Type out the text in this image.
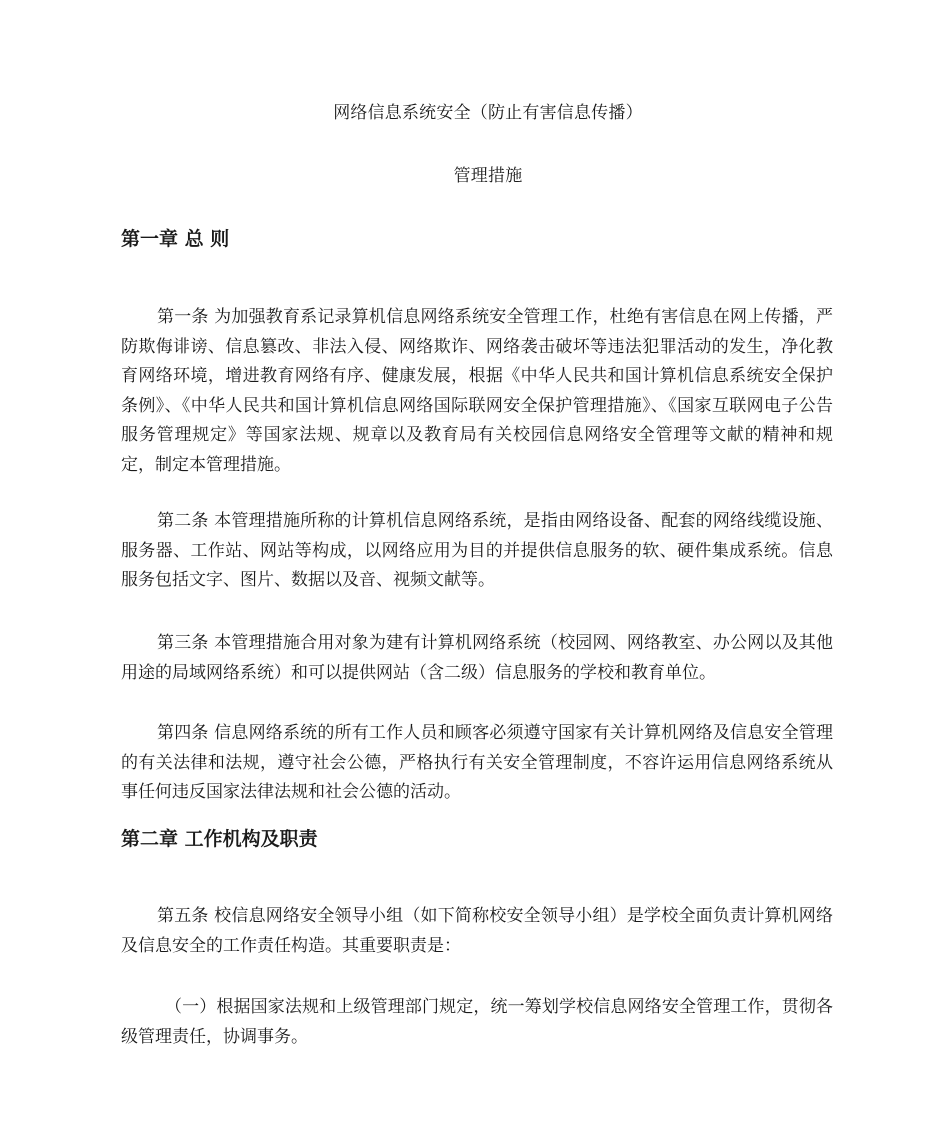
网络信息系统安全（防止有害信息传播）
管理措施
第一章 总 则

第一条 为加强教育系记录算机信息网络系统安全管理工作，杜绝有害信息在网上传播，严防欺侮诽谤、信息篡改、非法入侵、网络欺诈、网络袭击破坏等违法犯罪活动的发生，净化教育网络环境，增进教育网络有序、健康发展，根据《中华人民共和国计算机信息系统安全保护条例》、《中华人民共和国计算机信息网络国际联网安全保护管理措施》、《国家互联网电子公告服务管理规定》等国家法规、规章以及教育局有关校园信息网络安全管理等文献的精神和规定，制定本管理措施。

第二条 本管理措施所称的计算机信息网络系统，是指由网络设备、配套的网络线缆设施、服务器、工作站、网站等构成，以网络应用为目的并提供信息服务的软、硬件集成系统。信息服务包括文字、图片、数据以及音、视频文献等。

第三条 本管理措施合用对象为建有计算机网络系统（校园网、网络教室、办公网以及其他用途的局域网络系统）和可以提供网站（含二级）信息服务的学校和教育单位。

第四条 信息网络系统的所有工作人员和顾客必须遵守国家有关计算机网络及信息安全管理的有关法律和法规，遵守社会公德，严格执行有关安全管理制度，不容许运用信息网络系统从事任何违反国家法律法规和社会公德的活动。

第二章 工作机构及职责

第五条 校信息网络安全领导小组（如下简称校安全领导小组）是学校全面负责计算机网络及信息安全的工作责任构造。其重要职责是：

（一）根据国家法规和上级管理部门规定，统一筹划学校信息网络安全管理工作，贯彻各级管理责任，协调事务。
